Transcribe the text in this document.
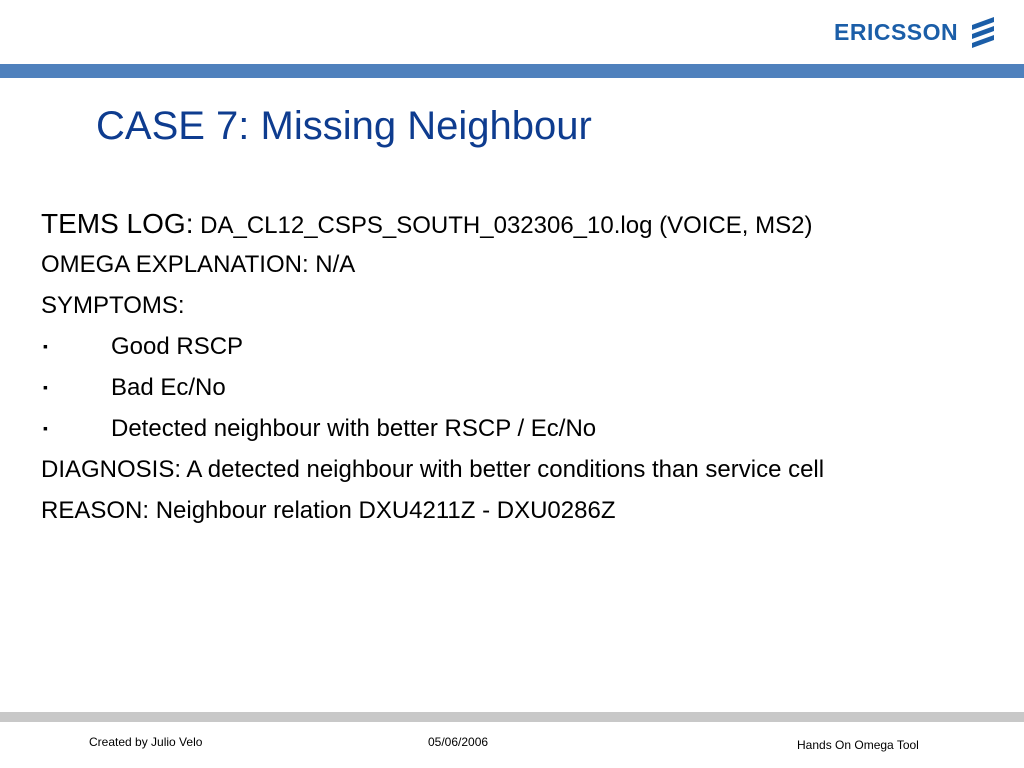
ERICSSON
CASE 7: Missing Neighbour
TEMS LOG: DA_CL12_CSPS_SOUTH_032306_10.log (VOICE, MS2)
OMEGA EXPLANATION: N/A
SYMPTOMS:
▪	Good RSCP
▪	Bad Ec/No
▪	Detected neighbour with better RSCP / Ec/No
DIAGNOSIS: A detected neighbour with better conditions than service cell
REASON: Neighbour relation DXU4211Z - DXU0286Z
Created by Julio Velo	05/06/2006	Hands On Omega Tool
